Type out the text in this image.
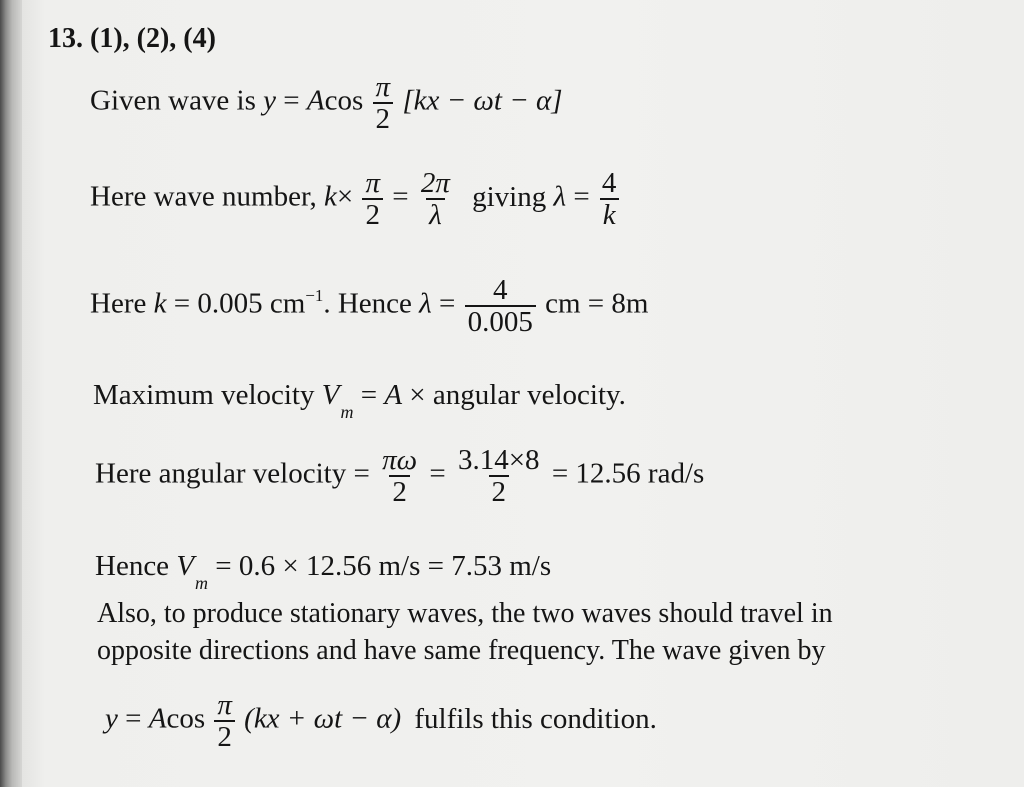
13. (1), (2), (4)
Given wave is y = Acos $\frac{\pi}{2} [kx - \omega t - \alpha]$
Here wave number, $k\times \frac{\pi}{2} = \frac{2\pi}{\lambda}$ giving $\lambda = \frac{4}{k}$
Here k = 0.005 $cm^{-1}$. Hence $\lambda = \frac{4}{0.005}$ cm = 8m
Maximum velocity $V_m = A$ × angular velocity.
Here angular velocity = $\frac{\pi\omega}{2} = \frac{3.14\times 8}{2} = 12.56$ rad/s
Hence $V_m = 0.6 \times 12.56$ m/s = 7.53 m/s
Also, to produce stationary waves, the two waves should travel in
opposite directions and have same frequency. The wave given by
y = Acos $\frac{\pi}{2} (kx + \omega t - \alpha)$ fulfils this condition.
